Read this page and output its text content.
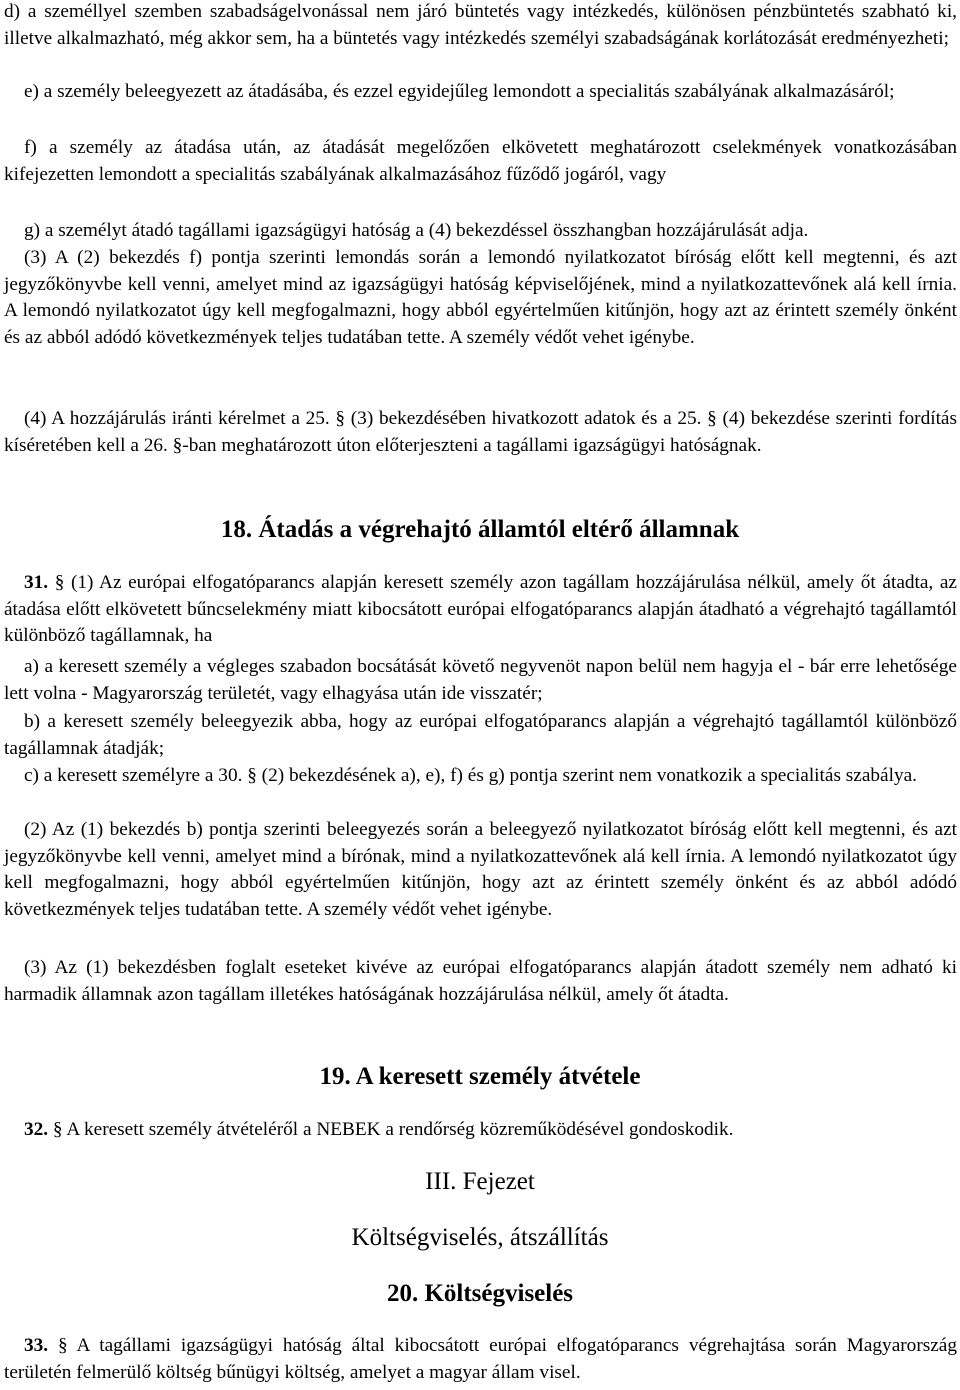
d) a személlyel szemben szabadságelvonással nem járó büntetés vagy intézkedés, különösen pénzbüntetés szabható ki, illetve alkalmazható, még akkor sem, ha a büntetés vagy intézkedés személyi szabadságának korlátozását eredményezheti;

e) a személy beleegyezett az átadásába, és ezzel egyidejűleg lemondott a specialitás szabályának alkalmazásáról;

f) a személy az átadása után, az átadását megelőzően elkövetett meghatározott cselekmények vonatkozásában kifejezetten lemondott a specialitás szabályának alkalmazásához fűződő jogáról, vagy

g) a személyt átadó tagállami igazságügyi hatóság a (4) bekezdéssel összhangban hozzájárulását adja.

(3) A (2) bekezdés f) pontja szerinti lemondás során a lemondó nyilatkozatot bíróság előtt kell megtenni, és azt jegyzőkönyvbe kell venni, amelyet mind az igazságügyi hatóság képviselőjének, mind a nyilatkozattevőnek alá kell írnia. A lemondó nyilatkozatot úgy kell megfogalmazni, hogy abból egyértelműen kitűnjön, hogy azt az érintett személy önként és az abból adódó következmények teljes tudatában tette. A személy védőt vehet igénybe.

(4) A hozzájárulás iránti kérelmet a 25. § (3) bekezdésében hivatkozott adatok és a 25. § (4) bekezdése szerinti fordítás kíséretében kell a 26. §-ban meghatározott úton előterjeszteni a tagállami igazságügyi hatóságnak.

18. Átadás a végrehajtó államtól eltérő államnak

31. § (1) Az európai elfogatóparancs alapján keresett személy azon tagállam hozzájárulása nélkül, amely őt átadta, az átadása előtt elkövetett bűncselekmény miatt kibocsátott európai elfogatóparancs alapján átadható a végrehajtó tagállamtól különböző tagállamnak, ha

a) a keresett személy a végleges szabadon bocsátását követő negyvenöt napon belül nem hagyja el - bár erre lehetősége lett volna - Magyarország területét, vagy elhagyása után ide visszatér;

b) a keresett személy beleegyezik abba, hogy az európai elfogatóparancs alapján a végrehajtó tagállamtól különböző tagállamnak átadják;

c) a keresett személyre a 30. § (2) bekezdésének a), e), f) és g) pontja szerint nem vonatkozik a specialitás szabálya.

(2) Az (1) bekezdés b) pontja szerinti beleegyezés során a beleegyező nyilatkozatot bíróság előtt kell megtenni, és azt jegyzőkönyvbe kell venni, amelyet mind a bírónak, mind a nyilatkozattevőnek alá kell írnia. A lemondó nyilatkozatot úgy kell megfogalmazni, hogy abból egyértelműen kitűnjön, hogy azt az érintett személy önként és az abból adódó következmények teljes tudatában tette. A személy védőt vehet igénybe.

(3) Az (1) bekezdésben foglalt eseteket kivéve az európai elfogatóparancs alapján átadott személy nem adható ki harmadik államnak azon tagállam illetékes hatóságának hozzájárulása nélkül, amely őt átadta.

19. A keresett személy átvétele

32. § A keresett személy átvételéről a NEBEK a rendőrség közreműködésével gondoskodik.

III. Fejezet
Költségviselés, átszállítás
20. Költségviselés

33. § A tagállami igazságügyi hatóság által kibocsátott európai elfogatóparancs végrehajtása során Magyarország területén felmerülő költség bűnügyi költség, amelyet a magyar állam visel.
